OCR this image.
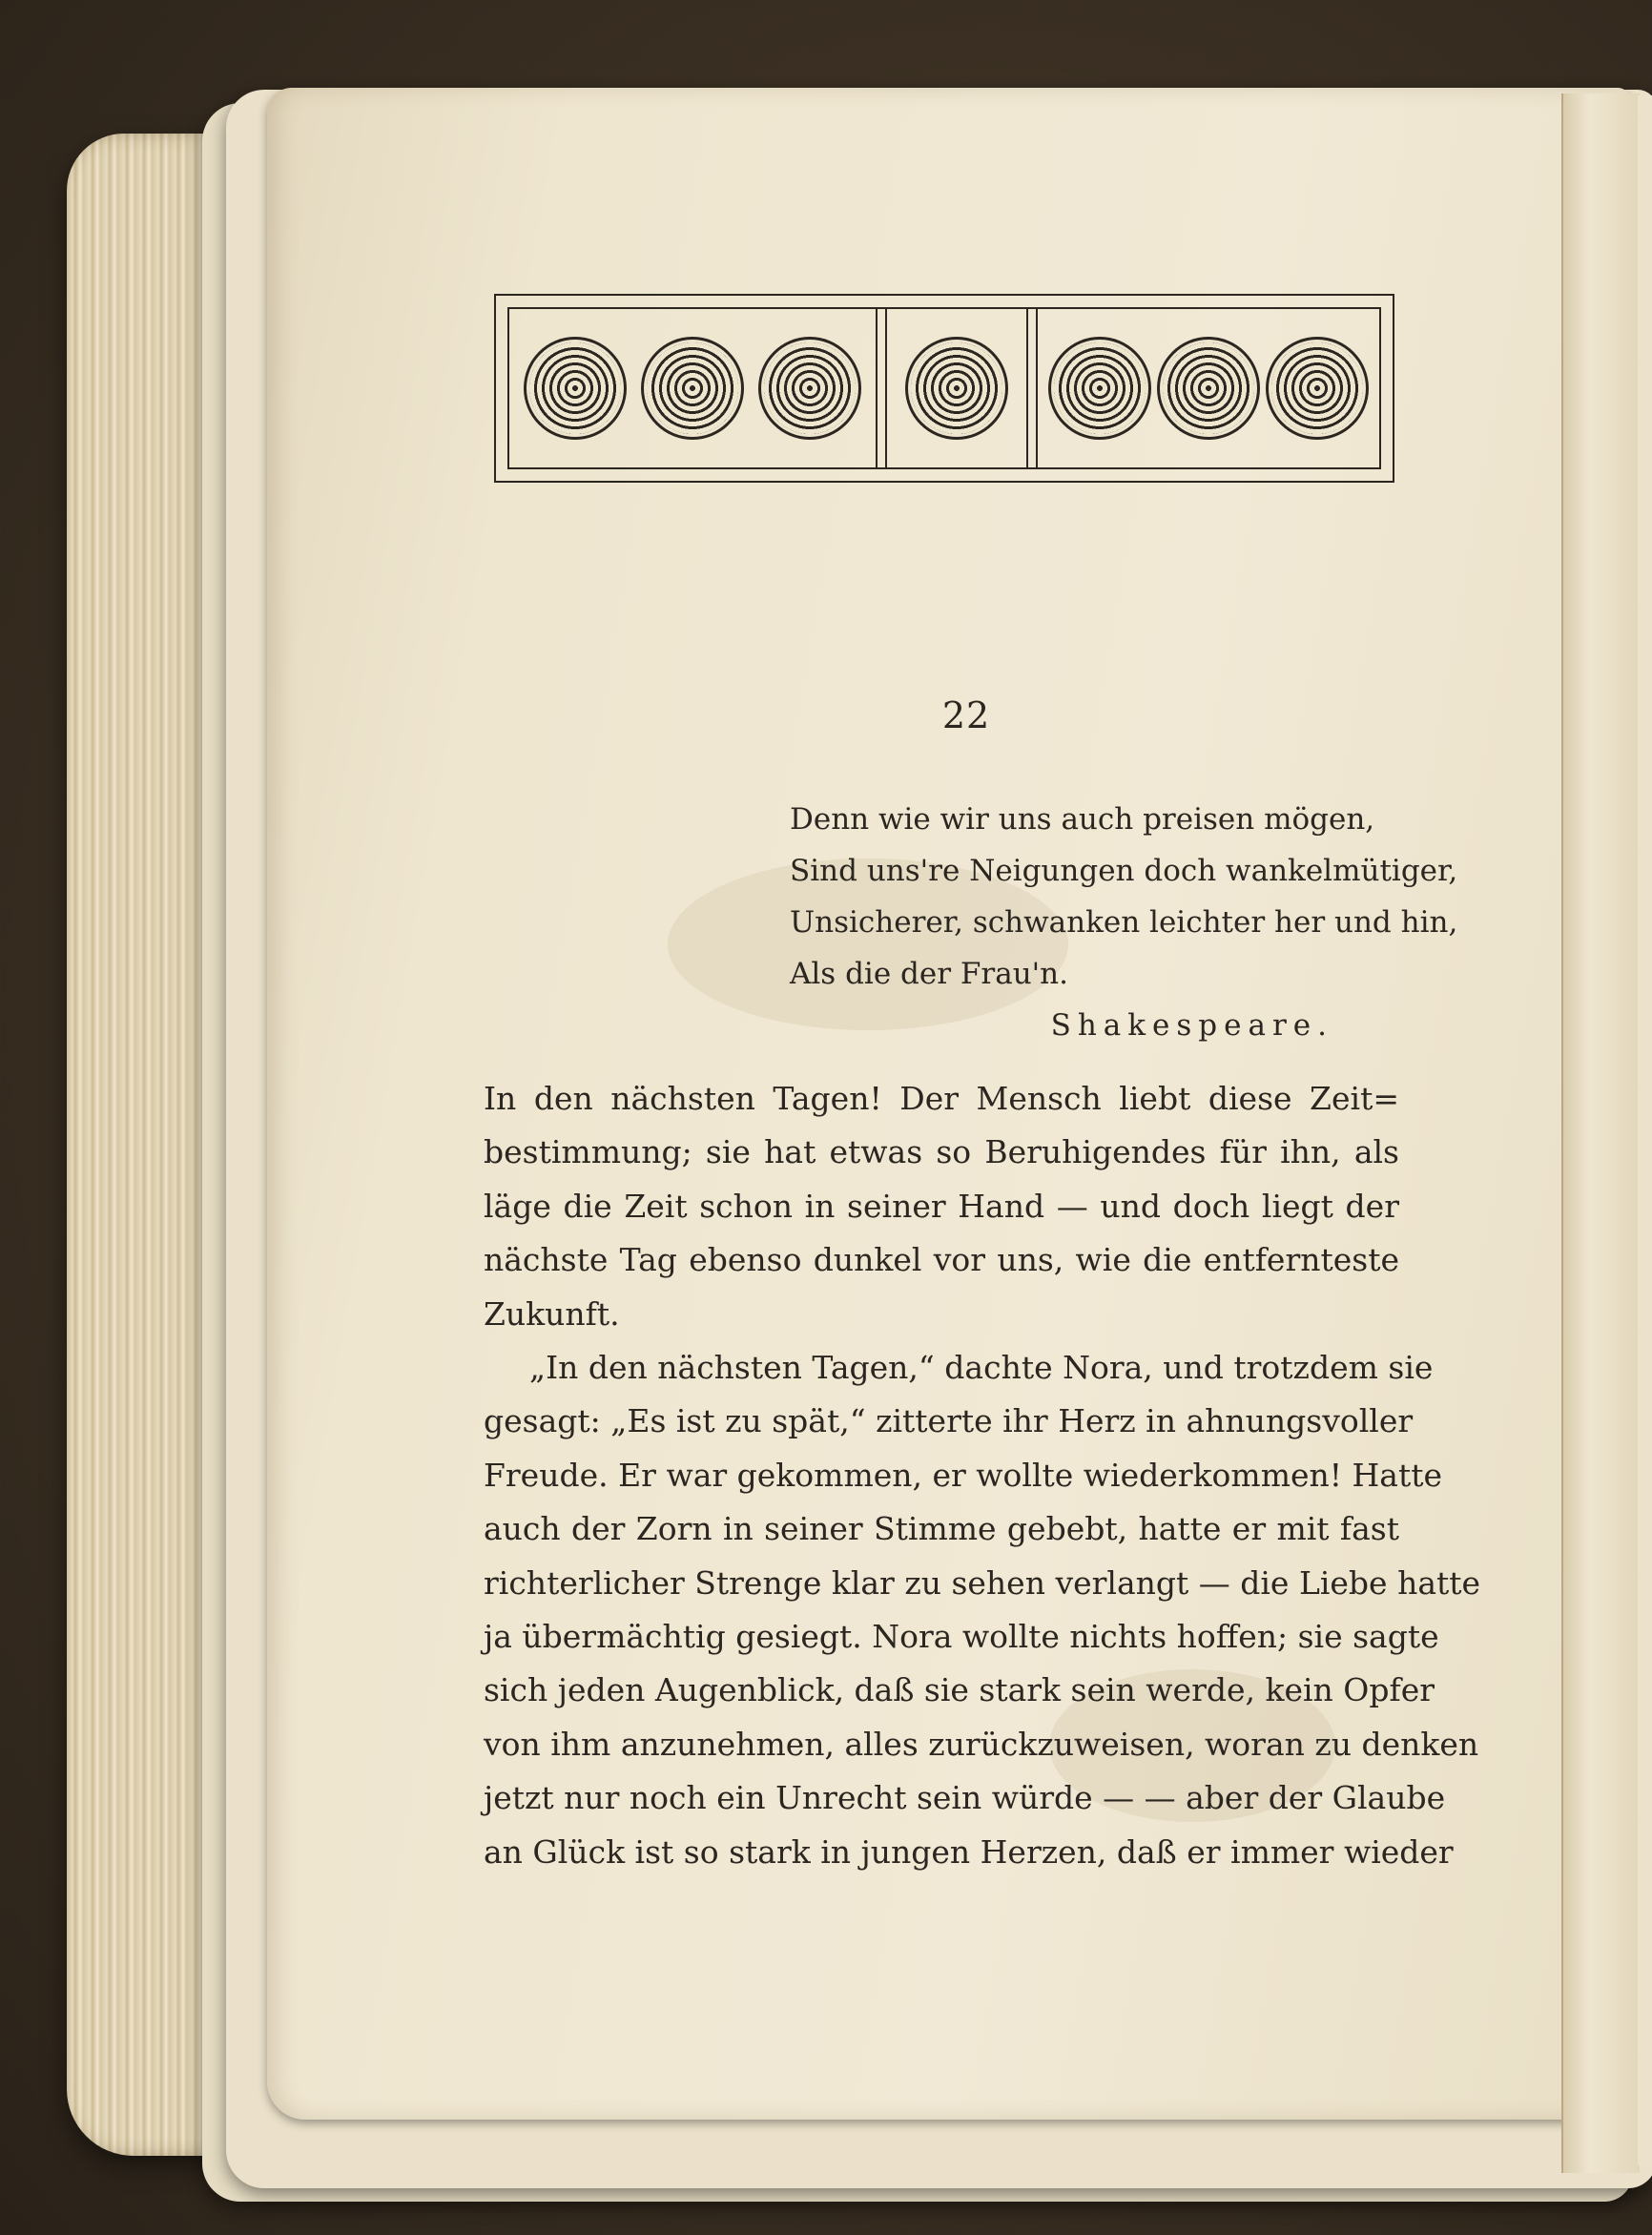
22
Denn wie wir uns auch preisen mögen,
Sind uns're Neigungen doch wankelmütiger,
Unsicherer, schwanken leichter her und hin,
Als die der Frau'n.
Shakespeare.
In den nächsten Tagen! Der Mensch liebt diese Zeit=
bestimmung; sie hat etwas so Beruhigendes für ihn, als
läge die Zeit schon in seiner Hand — und doch liegt der
nächste Tag ebenso dunkel vor uns, wie die entfernteste
Zukunft.
„In den nächsten Tagen,“ dachte Nora, und trotzdem sie
gesagt: „Es ist zu spät,“ zitterte ihr Herz in ahnungsvoller
Freude. Er war gekommen, er wollte wiederkommen! Hatte
auch der Zorn in seiner Stimme gebebt, hatte er mit fast
richterlicher Strenge klar zu sehen verlangt — die Liebe hatte
ja übermächtig gesiegt. Nora wollte nichts hoffen; sie sagte
sich jeden Augenblick, daß sie stark sein werde, kein Opfer
von ihm anzunehmen, alles zurückzuweisen, woran zu denken
jetzt nur noch ein Unrecht sein würde — — aber der Glaube
an Glück ist so stark in jungen Herzen, daß er immer wieder
